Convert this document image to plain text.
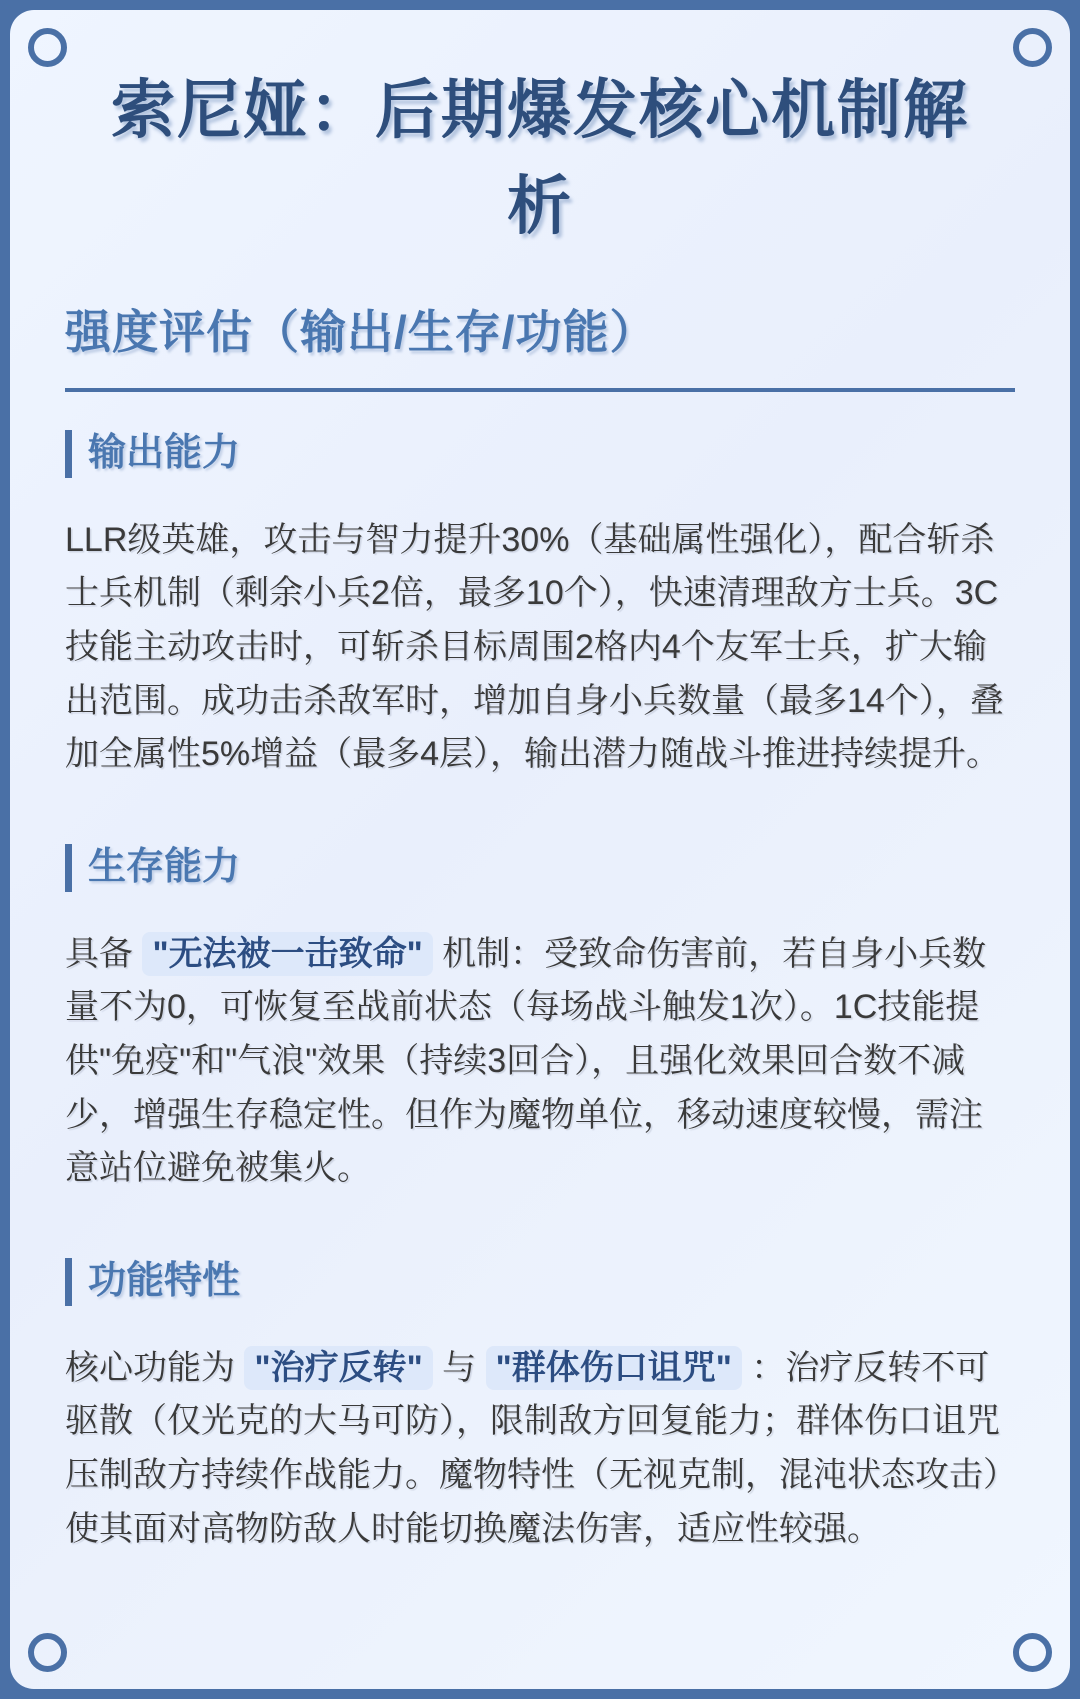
索尼娅：后期爆发核心机制解析
强度评估（输出/生存/功能）
输出能力

LLR级英雄，攻击与智力提升30%（基础属性强化），配合斩杀士兵机制（剩余小兵2倍，最多10个），快速清理敌方士兵。3C技能主动攻击时，可斩杀目标周围2格内4个友军士兵，扩大输出范围。成功击杀敌军时，增加自身小兵数量（最多14个），叠加全属性5%增益（最多4层），输出潜力随战斗推进持续提升。

生存能力

具备 "无法被一击致命" 机制：受致命伤害前，若自身小兵数量不为0，可恢复至战前状态（每场战斗触发1次）。1C技能提供"免疫"和"气浪"效果（持续3回合），且强化效果回合数不减少，增强生存稳定性。但作为魔物单位，移动速度较慢，需注意站位避免被集火。

功能特性

核心功能为 "治疗反转" 与 "群体伤口诅咒" ：治疗反转不可驱散（仅光克的大马可防），限制敌方回复能力；群体伤口诅咒压制敌方持续作战能力。魔物特性（无视克制，混沌状态攻击）使其面对高物防敌人时能切换魔法伤害，适应性较强。
